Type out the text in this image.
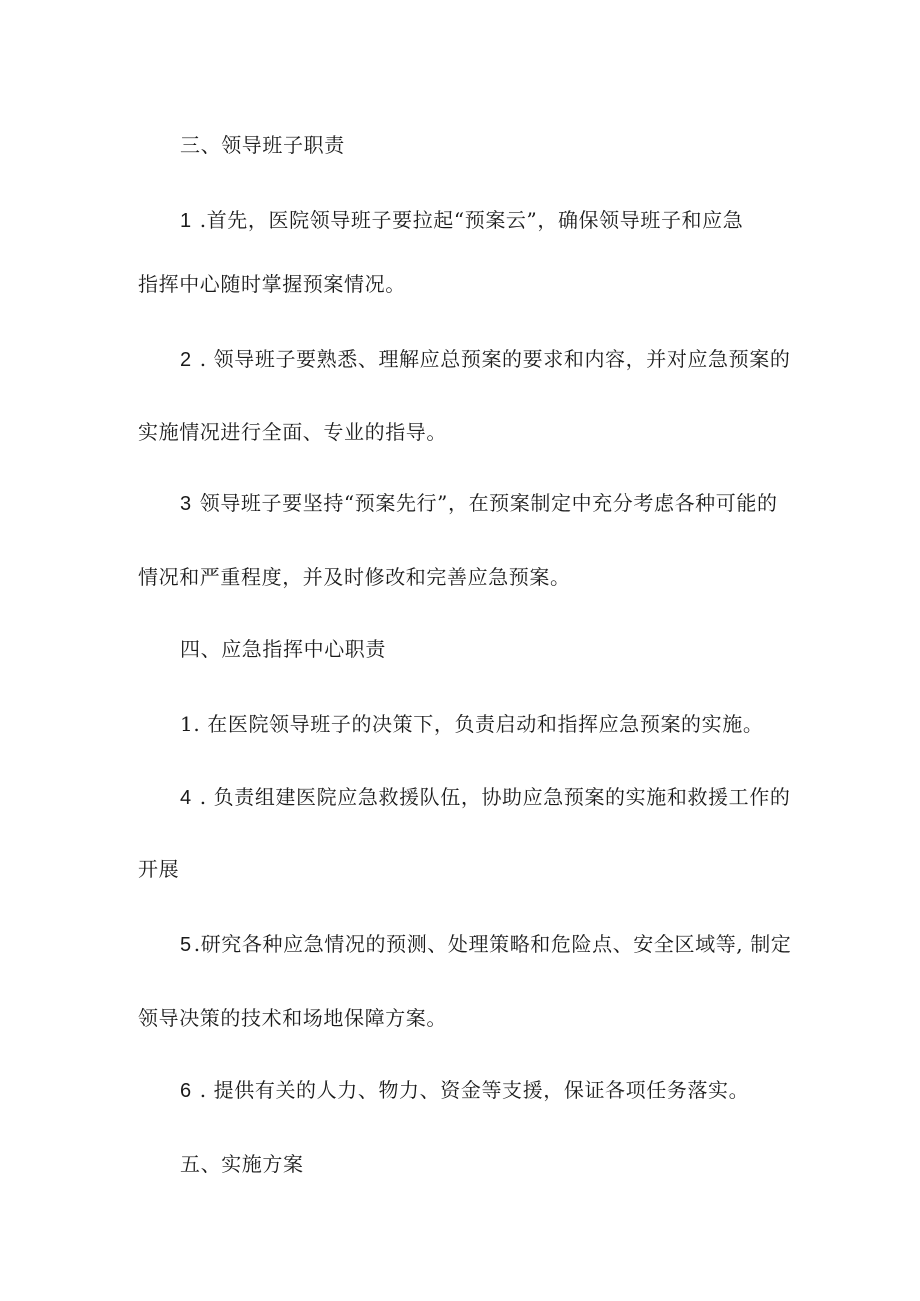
三、领导班子职责
1 .首先，医院领导班子要拉起“预案云”，确保领导班子和应急
指挥中心随时掌握预案情况。
2 . 领导班子要熟悉、理解应总预案的要求和内容，并对应急预案的
实施情况进行全面、专业的指导。
3 领导班子要坚持“预案先行”，在预案制定中充分考虑各种可能的
情况和严重程度，并及时修改和完善应急预案。
四、应急指挥中心职责
1. 在医院领导班子的决策下，负责启动和指挥应急预案的实施。
4 . 负责组建医院应急救援队伍，协助应急预案的实施和救援工作的
开展
5 .研究各种应急情况的预测、处理策略和危险点、安全区域等, 制定
领导决策的技术和场地保障方案。
6 . 提供有关的人力、物力、资金等支援，保证各项任务落实。
五、实施方案
